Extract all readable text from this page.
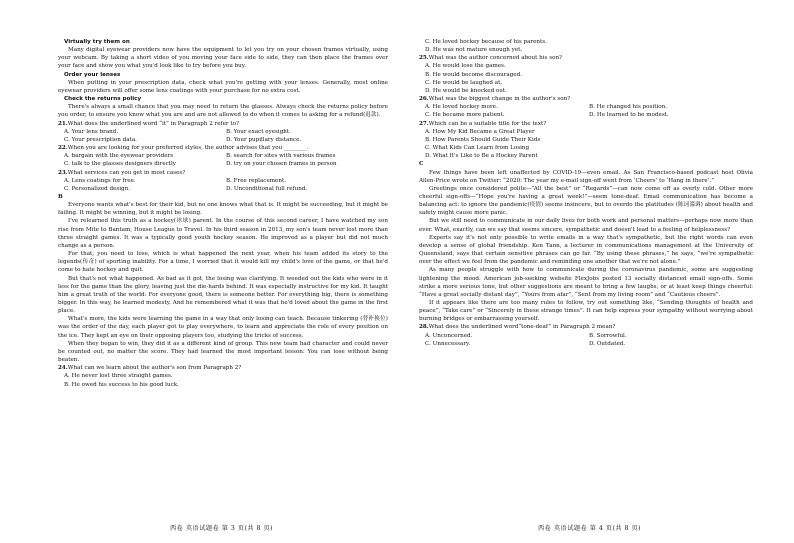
Virtually try them on

Many digital eyewear providers now have the equipment to let you try on your chosen frames virtually, using your webcam. By taking a short video of you moving your face side to side, they can then place the frames over your face and show you what you'd look like to try before you buy.

Order your lenses

When putting in your prescription data, check what you're getting with your lenses. Generally, most online eyewear providers will offer some lens coatings with your purchase for no extra cost.

Check the returns policy

There's always a small chance that you may need to return the glasses. Always check the returns policy before you order, to ensure you know what you are and are not allowed to do when it comes to asking for a refund(退款).

21.What does the underlined word “it” in Paragraph 2 refer to?

A. Your lens brand.	B. Your exact eyesight.
C. Your prescription data.	D. Your pupillary distance.

22.When you are looking for your preferred styles, the author advises that you ________.

A. bargain with the eyewear providers	B. search for sites with various frames
C. talk to the glasses designers directly	D. try on your chosen frames in person

23.What services can you get in most cases?

A. Lens coatings for free.	B. Free replacement.
C. Personalized design.	D. Unconditional full refund.

B

Everyone wants what's best for their kid, but no one knows what that is. It might be succeeding, but it might be failing. It might be winning, but it might be losing.

I've relearned this truth as a hockey(冰球) parent. In the course of this second career, I have watched my son rise from Mite to Bantam, House League to Travel. In his third season in 2013, my son's team never lost more than three straight games. It was a typically good youth hockey season. He improved as a player but did not much change as a person.

For that, you need to lose, which is what happened the next year, when his team added its story to the legends(传奇) of sporting inability. For a time, I worried that it would kill my child's love of the game, or that he'd come to hate hockey and quit.

But that's not what happened. As bad as it got, the losing was clarifying. It weeded out the kids who were in it less for the game than the glory, leaving just the die-hards behind. It was especially instructive for my kid. It taught him a great truth of the world: For everyone good, there is someone better. For everything big, there is something bigger. In this way, he learned modesty. And he remembered what it was that he'd loved about the game in the first place.

What's more, the kids were learning the game in a way that only losing can teach. Because tinkering (替补换位) was the order of the day, each player got to play everywhere, to learn and appreciate the role of every position on the ice. They kept an eye on their opposing players too, studying the tricks of success.

When they began to win, they did it as a different kind of group. This new team had character and could never be counted out, no matter the score. They had learned the most important lesson: You can lose without being beaten.

24.What can we learn about the author's son from Paragraph 2?

A. He never lost three straight games.

B. He owed his success to his good luck.

C. He loved hockey because of his parents.

D. He was not mature enough yet.

25.What was the author concerned about his son?

A. He would lose the games.

B. He would become discouraged.

C. He would be laughed at.

D. He would be knocked out.

26.What was the biggest change in the author's son?

A. He loved hockey more.	B. He changed his position.
C. He became more patient.	D. He learned to be modest.

27.Which can be a suitable title for the text?

A. How My Kid Became a Great Player

B. How Parents Should Guide Their Kids

C. What Kids Can Learn from Losing

D. What It's Like to Be a Hockey Parent

C

Few things have been left unaffected by COVID-19—even email. As San Francisco-based podcast host Olivia Allen-Price wrote on Twitter: “2020: The year my e-mail sign-off went from ‘Cheers’ to ‘Hang in there’.”

Greetings once considered polite—“All the best” or “Regards”—can now come off as overly cold. Other more cheerful sign-offs—“Hope you're having a great week!”—seem tone-deaf. Email communication has become a balancing act: to ignore the pandemic(疫情) seems insincere, but to overdo the platitudes (陈词滥调) about health and safety might cause more panic.

But we still need to communicate in our daily lives for both work and personal matters—perhaps now more than ever. What, exactly, can we say that seems sincere, sympathetic and doesn't lead to a feeling of helplessness?

Experts say it's not only possible to write emails in a way that's sympathetic, but the right words can even develop a sense of global friendship. Ken Tann, a lecturer in communications management at the University of Queensland, says that certain sensitive phrases can go far. “By using these phrases,” he says, “we're sympathetic over the effect we feel from the pandemic and reminding one another that we're not alone.”

As many people struggle with how to communicate during the coronavirus pandemic, some are suggesting lightening the mood. American job-seeking website FlexJobs posted 13 socially distanced email sign-offs. Some strike a more serious tone, but other suggestions are meant to bring a few laughs, or at least keep things cheerful: “Have a great socially distant day”, “Yours from afar”, “Sent from my living room” and “Cautious cheers”.

If it appears like there are too many rules to follow, try out something like, “Sending thoughts of health and peace”, “Take care” or “Sincerely in these strange times”. It can help express your sympathy without worrying about burning bridges or embarrassing yourself.

28.What does the underlined word“tone-deaf” in Paragraph 2 mean?

A. Unconcerned.	B. Sorrowful.
C. Unnecessary.	D. Outdated.
西卷 英语试题卷 第 3 页(共 8 页)	西卷 英语试题卷 第 4 页(共 8 页)
